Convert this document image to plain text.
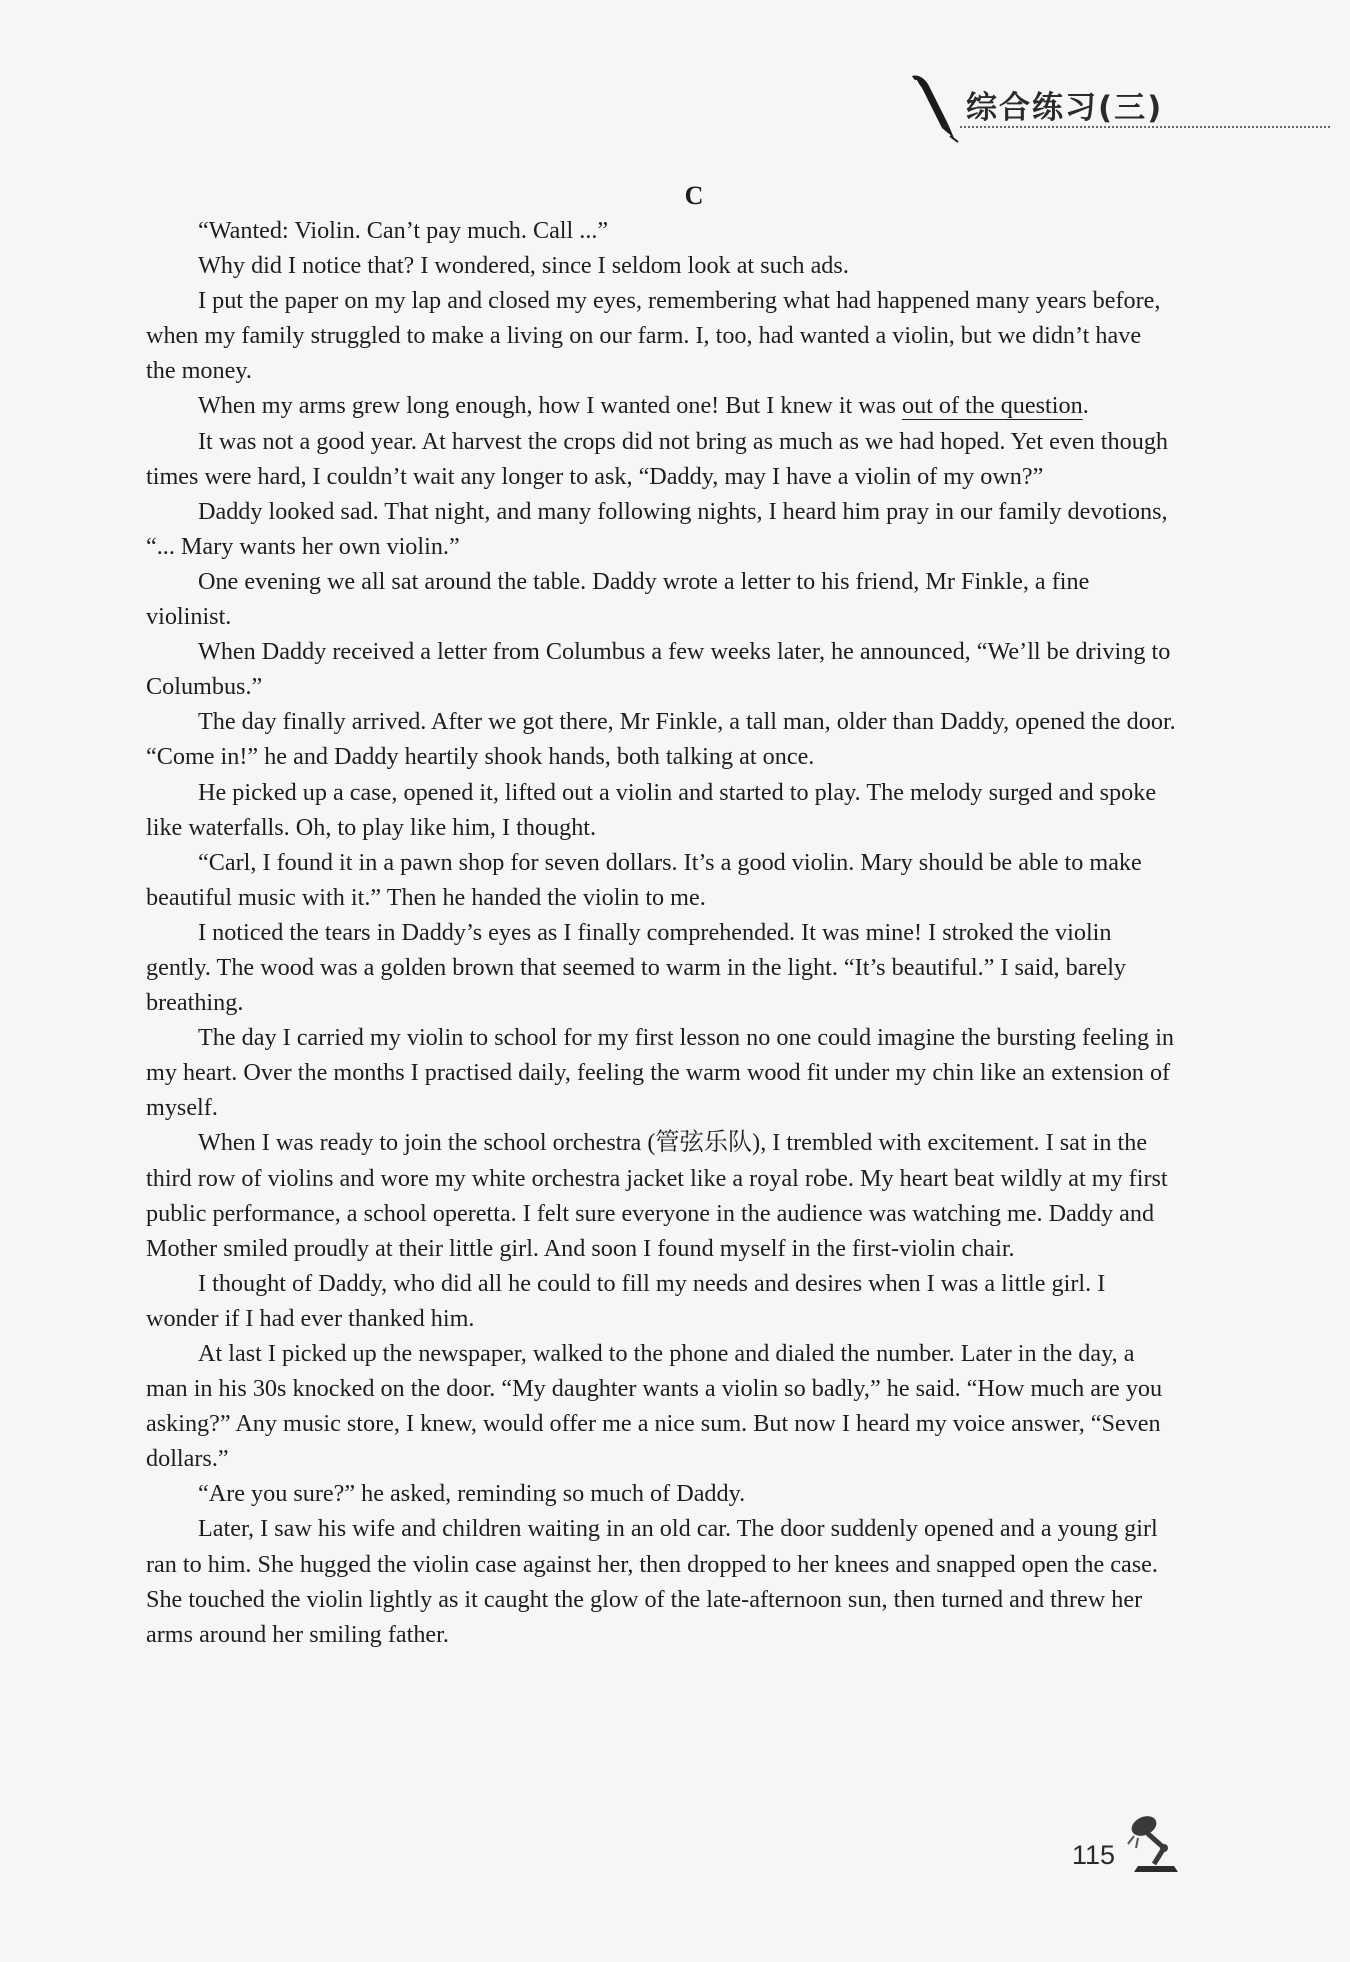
综合练习(三)
C

“Wanted: Violin. Can’t pay much. Call ...”

Why did I notice that? I wondered, since I seldom look at such ads.

I put the paper on my lap and closed my eyes, remembering what had happened many years before, when my family struggled to make a living on our farm. I, too, had wanted a violin, but we didn’t have the money.

When my arms grew long enough, how I wanted one! But I knew it was out of the question.

It was not a good year. At harvest the crops did not bring as much as we had hoped. Yet even though times were hard, I couldn’t wait any longer to ask, “Daddy, may I have a violin of my own?”

Daddy looked sad. That night, and many following nights, I heard him pray in our family devotions, “... Mary wants her own violin.”

One evening we all sat around the table. Daddy wrote a letter to his friend, Mr Finkle, a fine violinist.

When Daddy received a letter from Columbus a few weeks later, he announced, “We’ll be driving to Columbus.”

The day finally arrived. After we got there, Mr Finkle, a tall man, older than Daddy, opened the door. “Come in!” he and Daddy heartily shook hands, both talking at once.

He picked up a case, opened it, lifted out a violin and started to play. The melody surged and spoke like waterfalls. Oh, to play like him, I thought.

“Carl, I found it in a pawn shop for seven dollars. It’s a good violin. Mary should be able to make beautiful music with it.” Then he handed the violin to me.

I noticed the tears in Daddy’s eyes as I finally comprehended. It was mine! I stroked the violin gently. The wood was a golden brown that seemed to warm in the light. “It’s beautiful.” I said, barely breathing.

The day I carried my violin to school for my first lesson no one could imagine the bursting feeling in my heart. Over the months I practised daily, feeling the warm wood fit under my chin like an extension of myself.

When I was ready to join the school orchestra (管弦乐队), I trembled with excitement. I sat in the third row of violins and wore my white orchestra jacket like a royal robe. My heart beat wildly at my first public performance, a school operetta. I felt sure everyone in the audience was watching me. Daddy and Mother smiled proudly at their little girl. And soon I found myself in the first-violin chair.

I thought of Daddy, who did all he could to fill my needs and desires when I was a little girl. I wonder if I had ever thanked him.

At last I picked up the newspaper, walked to the phone and dialed the number. Later in the day, a man in his 30s knocked on the door. “My daughter wants a violin so badly,” he said. “How much are you asking?” Any music store, I knew, would offer me a nice sum. But now I heard my voice answer, “Seven dollars.”

“Are you sure?” he asked, reminding so much of Daddy.

Later, I saw his wife and children waiting in an old car. The door suddenly opened and a young girl ran to him. She hugged the violin case against her, then dropped to her knees and snapped open the case. She touched the violin lightly as it caught the glow of the late-afternoon sun, then turned and threw her arms around her smiling father.

115
